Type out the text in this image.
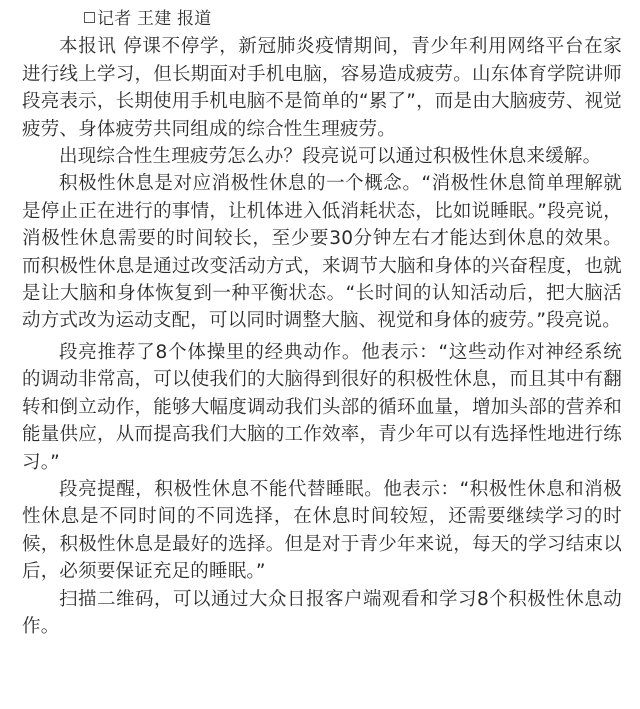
记者 王建 报道

本报讯 停课不停学，新冠肺炎疫情期间，青少年利用网络平台在家进行线上学习，但长期面对手机电脑，容易造成疲劳。山东体育学院讲师段亮表示，长期使用手机电脑不是简单的“累了”，而是由大脑疲劳、视觉疲劳、身体疲劳共同组成的综合性生理疲劳。

出现综合性生理疲劳怎么办？段亮说可以通过积极性休息来缓解。

积极性休息是对应消极性休息的一个概念。“消极性休息简单理解就是停止正在进行的事情，让机体进入低消耗状态，比如说睡眠。”段亮说，消极性休息需要的时间较长，至少要30分钟左右才能达到休息的效果。而积极性休息是通过改变活动方式，来调节大脑和身体的兴奋程度，也就是让大脑和身体恢复到一种平衡状态。“长时间的认知活动后，把大脑活动方式改为运动支配，可以同时调整大脑、视觉和身体的疲劳。”段亮说。

段亮推荐了8个体操里的经典动作。他表示：“这些动作对神经系统的调动非常高，可以使我们的大脑得到很好的积极性休息，而且其中有翻转和倒立动作，能够大幅度调动我们头部的循环血量，增加头部的营养和能量供应，从而提高我们大脑的工作效率，青少年可以有选择性地进行练习。”

段亮提醒，积极性休息不能代替睡眠。他表示：“积极性休息和消极性休息是不同时间的不同选择，在休息时间较短，还需要继续学习的时候，积极性休息是最好的选择。但是对于青少年来说，每天的学习结束以后，必须要保证充足的睡眠。”

扫描二维码，可以通过大众日报客户端观看和学习8个积极性休息动作。
